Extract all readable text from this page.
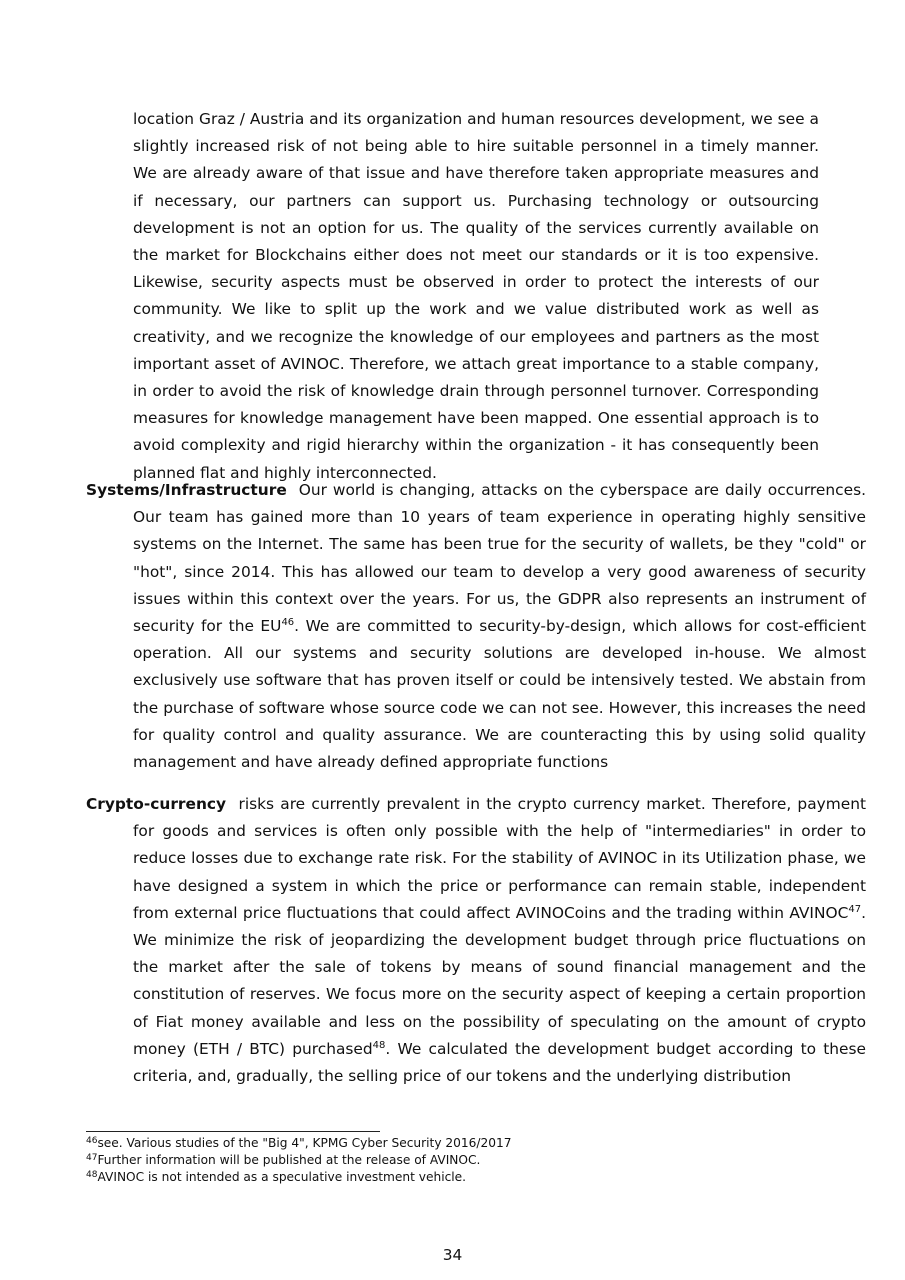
location Graz / Austria and its organization and human resources development, we see a slightly increased risk of not being able to hire suitable personnel in a timely manner. We are already aware of that issue and have therefore taken appropriate measures and if necessary, our partners can support us. Purchasing technology or outsourcing development is not an option for us. The quality of the services currently available on the market for Blockchains either does not meet our standards or it is too expensive. Likewise, security aspects must be observed in order to protect the interests of our community. We like to split up the work and we value distributed work as well as creativity, and we recognize the knowledge of our employees and partners as the most important asset of AVINOC. Therefore, we attach great importance to a stable company, in order to avoid the risk of knowledge drain through personnel turnover. Corresponding measures for knowledge management have been mapped. One essential approach is to avoid complexity and rigid hierarchy within the organization - it has consequently been planned flat and highly interconnected.

Systems/Infrastructure Our world is changing, attacks on the cyberspace are daily occurrences. Our team has gained more than 10 years of team experience in operating highly sensitive systems on the Internet. The same has been true for the security of wallets, be they "cold" or "hot", since 2014. This has allowed our team to develop a very good awareness of security issues within this context over the years. For us, the GDPR also represents an instrument of security for the EU$^{46}$. We are committed to security-by-design, which allows for cost-efficient operation. All our systems and security solutions are developed in-house. We almost exclusively use software that has proven itself or could be intensively tested. We abstain from the purchase of software whose source code we can not see. However, this increases the need for quality control and quality assurance. We are counteracting this by using solid quality management and have already defined appropriate functions

Crypto-currency risks are currently prevalent in the crypto currency market. Therefore, payment for goods and services is often only possible with the help of "intermediaries" in order to reduce losses due to exchange rate risk. For the stability of AVINOC in its Utilization phase, we have designed a system in which the price or performance can remain stable, independent from external price fluctuations that could affect AVINOCoins and the trading within AVINOC$^{47}$. We minimize the risk of jeopardizing the development budget through price fluctuations on the market after the sale of tokens by means of sound financial management and the constitution of reserves. We focus more on the security aspect of keeping a certain proportion of Fiat money available and less on the possibility of speculating on the amount of crypto money (ETH / BTC) purchased$^{48}$. We calculated the development budget according to these criteria, and, gradually, the selling price of our tokens and the underlying distribution

$^{46}$see. Various studies of the "Big 4", KPMG Cyber Security 2016/2017

$^{47}$Further information will be published at the release of AVINOC.

$^{48}$AVINOC is not intended as a speculative investment vehicle.

34
